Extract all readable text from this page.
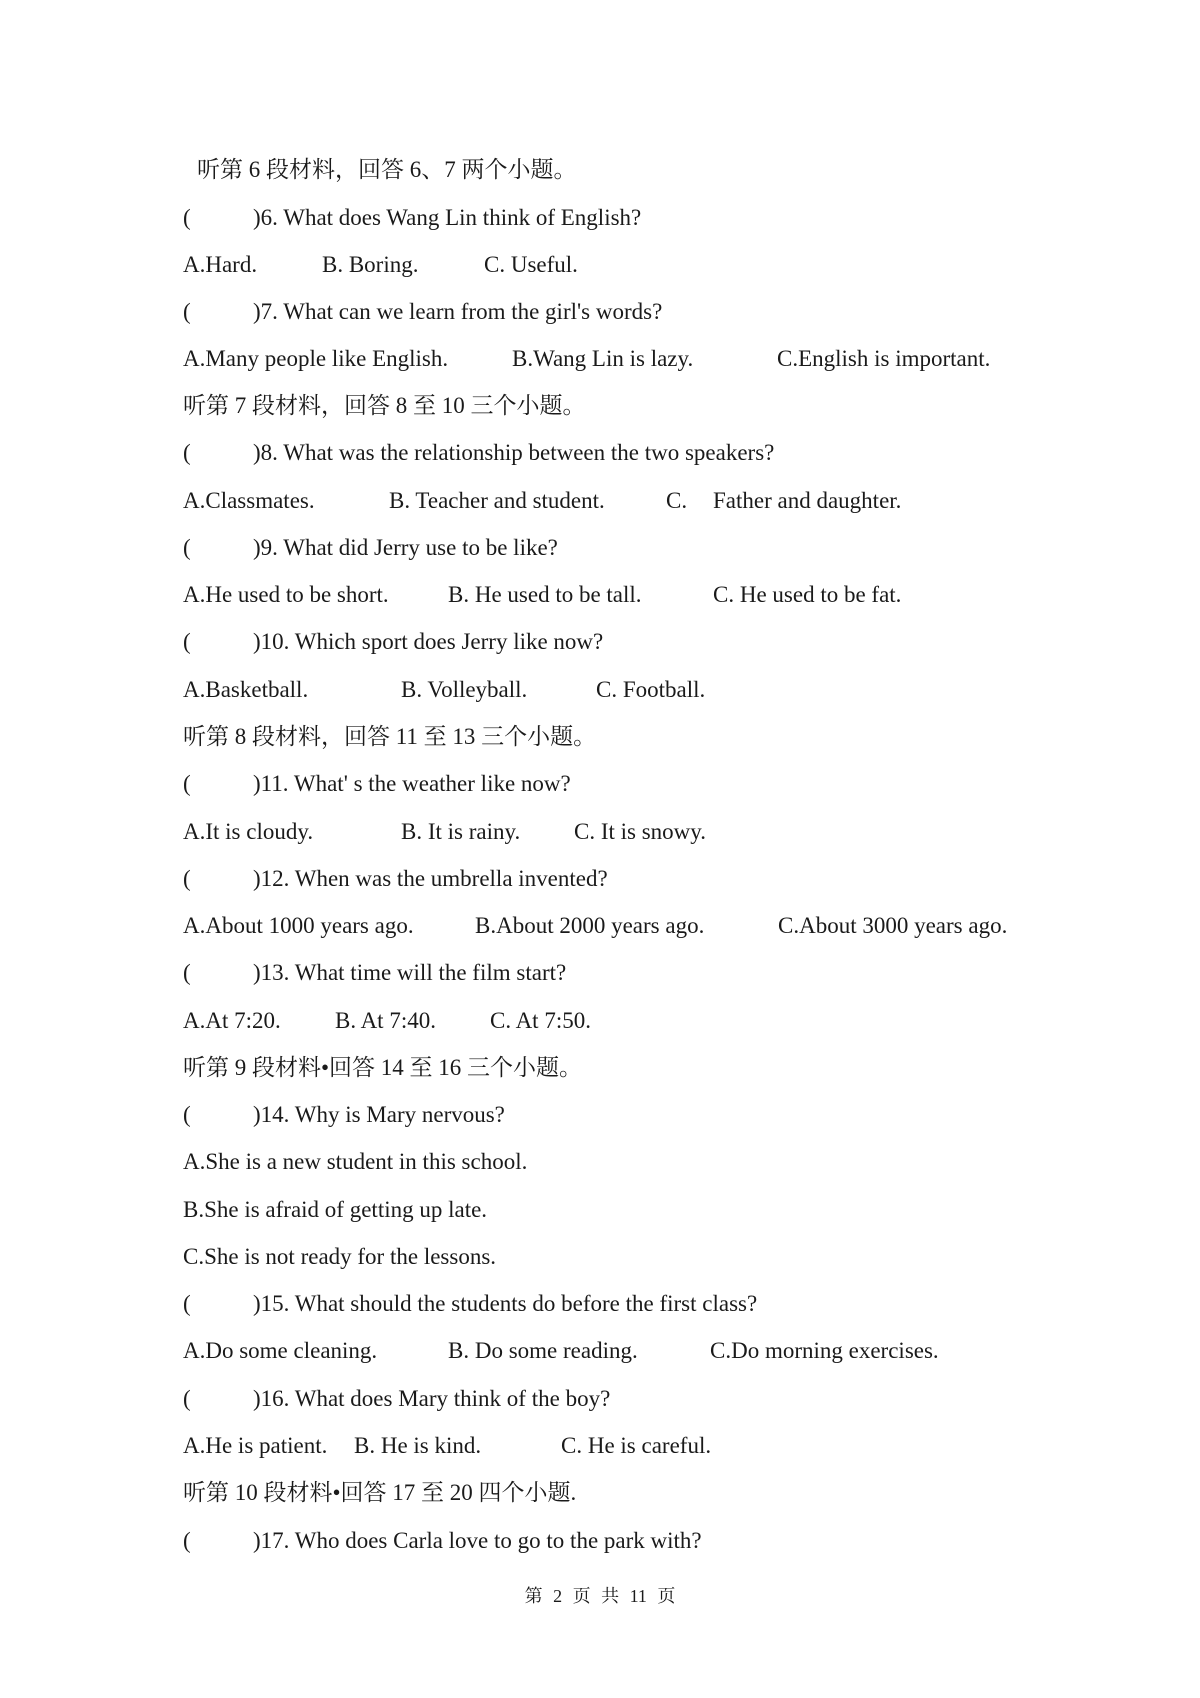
听第 6 段材料，回答 6、7 两个小题。
(	)6. What does Wang Lin think of English?
A.Hard.	B. Boring.	C. Useful.
(	)7. What can we learn from the girl's words?
A.Many people like English.	B.Wang Lin is lazy.	C.English is important.
听第 7 段材料，回答 8 至 10 三个小题。
(	)8. What was the relationship between the two speakers?
A.Classmates.	B. Teacher and student.	C.	Father and daughter.
(	)9. What did Jerry use to be like?
A.He used to be short.	B. He used to be tall.	C. He used to be fat.
(	)10. Which sport does Jerry like now?
A.Basketball.	B. Volleyball.	C. Football.
听第 8 段材料，回答 11 至 13 三个小题。
(	)11. What' s the weather like now?
A.It is cloudy.	B. It is rainy.	C. It is snowy.
(	)12. When was the umbrella invented?
A.About 1000 years ago.	B.About 2000 years ago.	C.About 3000 years ago.
(	)13. What time will the film start?
A.At 7:20.	B. At 7:40.	C. At 7:50.
听第 9 段材料•回答 14 至 16 三个小题。
(	)14. Why is Mary nervous?
A.She is a new student in this school.
B.She is afraid of getting up late.
C.She is not ready for the lessons.
(	)15. What should the students do before the first class?
A.Do some cleaning.	B. Do some reading.	C.Do morning exercises.
(	)16. What does Mary think of the boy?
A.He is patient.	B. He is kind.	C. He is careful.
听第 10 段材料•回答 17 至 20 四个小题.
(	)17. Who does Carla love to go to the park with?
第 2 页 共 11 页
